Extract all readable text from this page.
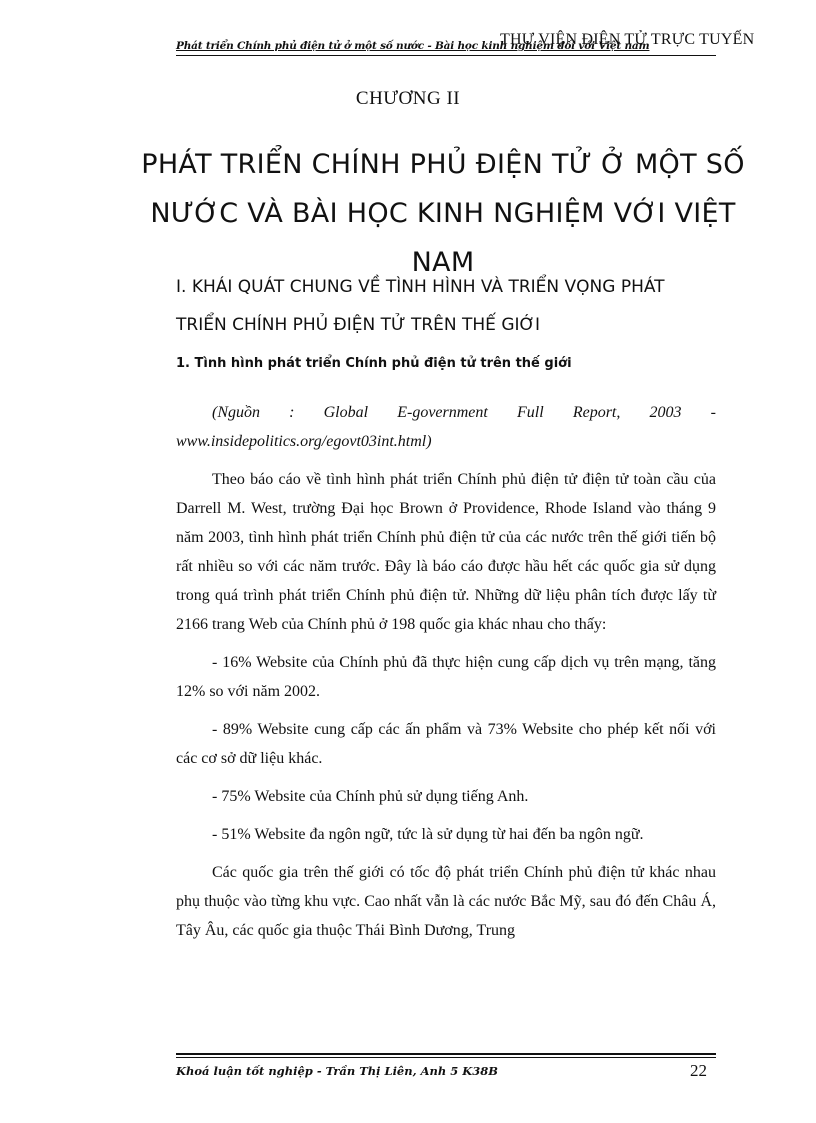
Phát triển Chính phủ điện tử ở một số nước - Bài học kinh nghiệm đối với Việt nam
THƯ VIỆN ĐIỆN TỬ TRỰC TUYẾN
CHƯƠNG II
PHÁT TRIỂN CHÍNH PHỦ ĐIỆN TỬ Ở MỘT SỐ
NƯỚC VÀ BÀI HỌC KINH NGHIỆM VỚI VIỆT NAM
I. KHÁI QUÁT CHUNG VỀ TÌNH HÌNH VÀ TRIỂN VỌNG PHÁT
TRIỂN CHÍNH PHỦ ĐIỆN TỬ TRÊN THẾ GIỚI
1. Tình hình phát triển Chính phủ điện tử trên thế giới

(Nguồn : Global E-government Full Report, 2003 - www.insidepolitics.org/egovt03int.html)

Theo báo cáo về tình hình phát triển Chính phủ điện tử điện tử toàn cầu của Darrell M. West, trường Đại học Brown ở Providence, Rhode Island vào tháng 9 năm 2003, tình hình phát triển Chính phủ điện tử của các nước trên thế giới tiến bộ rất nhiều so với các năm trước. Đây là báo cáo được hầu hết các quốc gia sử dụng trong quá trình phát triển Chính phủ điện tử. Những dữ liệu phân tích được lấy từ 2166 trang Web của Chính phủ ở 198 quốc gia khác nhau cho thấy:

- 16% Website của Chính phủ đã thực hiện cung cấp dịch vụ trên mạng, tăng 12% so với năm 2002.

- 89% Website cung cấp các ấn phẩm và 73% Website cho phép kết nối với các cơ sở dữ liệu khác.

- 75% Website của Chính phủ sử dụng tiếng Anh.

- 51% Website đa ngôn ngữ, tức là sử dụng từ hai đến ba ngôn ngữ.

Các quốc gia trên thế giới có tốc độ phát triển Chính phủ điện tử khác nhau phụ thuộc vào từng khu vực. Cao nhất vẫn là các nước Bắc Mỹ, sau đó đến Châu Á, Tây Âu, các quốc gia thuộc Thái Bình Dương, Trung

Khoá luận tốt nghiệp - Trần Thị Liên, Anh 5 K38B	22
